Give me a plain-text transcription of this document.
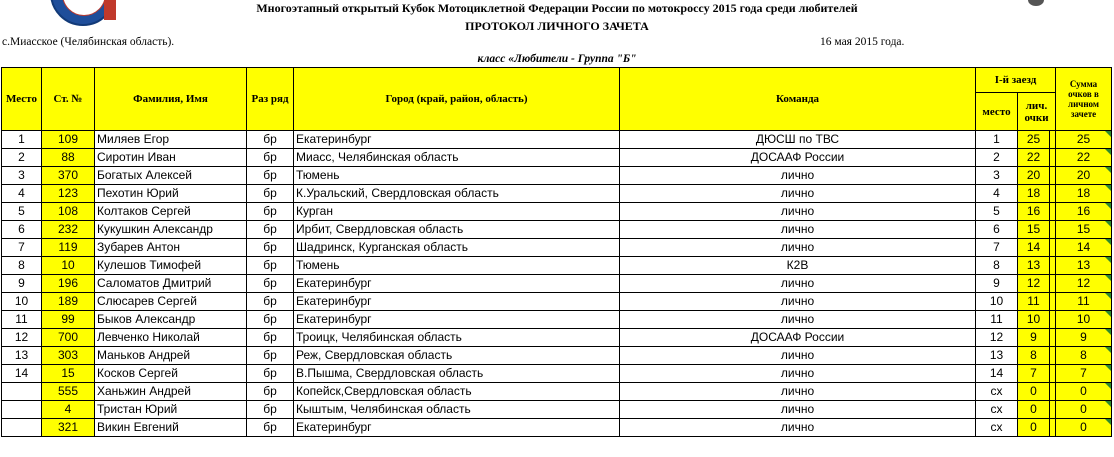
Многоэтапный открытый Кубок Мотоциклетной Федерации России по мотокроссу 2015 года среди любителей
ПРОТОКОЛ ЛИЧНОГО ЗАЧЕТА
с.Миасское (Челябинская область).	16 мая 2015 года.
класс «Любители - Группа "Б"
Место	Ст. №	Фамилия, Имя	Раз ряд	Город (край, район, область)	Команда	I-й заезд			Сумма очков в личном зачете
						место	лич. очки		
1	109	Миляев Егор	бр	Екатеринбург	ДЮСШ по ТВС	1	25		25
2	88	Сиротин Иван	бр	Миасс, Челябинская область	ДОСААФ России	2	22		22
3	370	Богатых Алексей	бр	Тюмень	лично	3	20		20
4	123	Пехотин Юрий	бр	К.Уральский, Свердловская область	лично	4	18		18
5	108	Колтаков Сергей	бр	Курган	лично	5	16		16
6	232	Кукушкин Александр	бр	Ирбит, Свердловская область	лично	6	15		15
7	119	Зубарев Антон	бр	Шадринск, Курганская область	лично	7	14		14
8	10	Кулешов Тимофей	бр	Тюмень	К2В	8	13		13
9	196	Саломатов Дмитрий	бр	Екатеринбург	лично	9	12		12
10	189	Слюсарев Сергей	бр	Екатеринбург	лично	10	11		11
11	99	Быков Александр	бр	Екатеринбург	лично	11	10		10
12	700	Левченко Николай	бр	Троицк, Челябинская область	ДОСААФ России	12	9		9
13	303	Маньков Андрей	бр	Реж, Свердловская область	лично	13	8		8
14	15	Косков Сергей	бр	В.Пышма, Свердловская область	лично	14	7		7
	555	Ханьжин Андрей	бр	Копейск,Свердловская область	лично	сх	0		0
	4	Тристан Юрий	бр	Кыштым, Челябинская область	лично	сх	0		0
	321	Викин Евгений	бр	Екатеринбург	лично	сх	0		0
